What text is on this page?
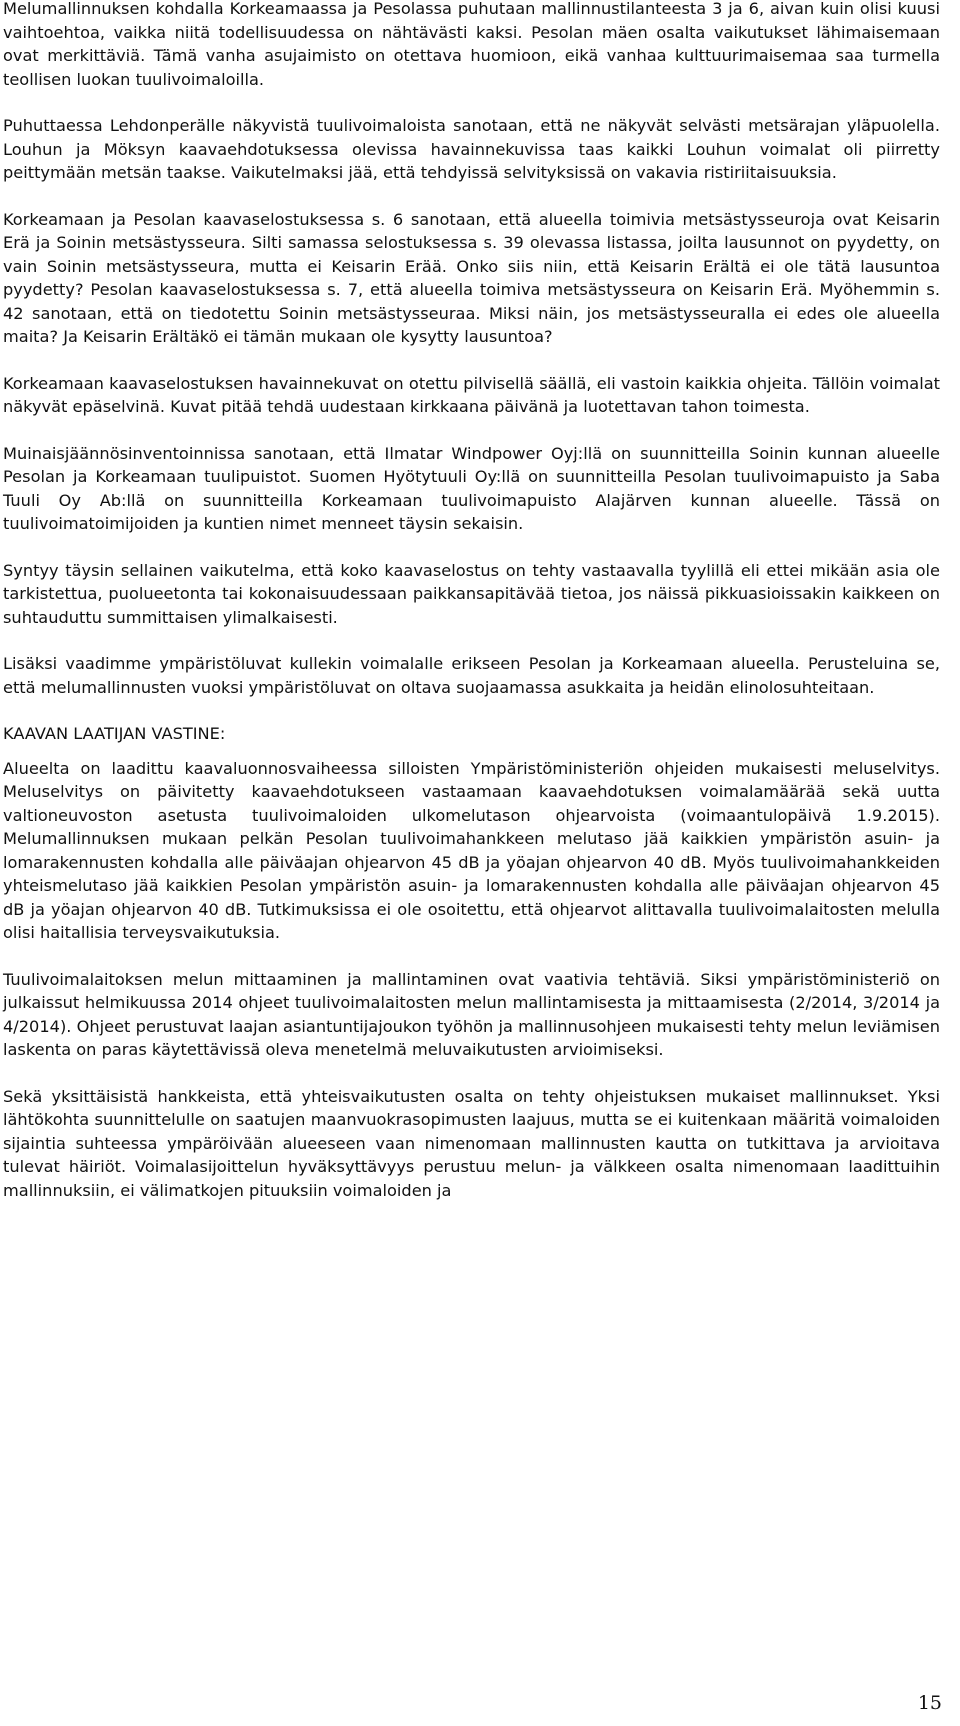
Melumallinnuksen kohdalla Korkeamaassa ja Pesolassa puhutaan mallinnustilanteesta 3 ja 6, aivan kuin olisi kuusi vaihtoehtoa, vaikka niitä todellisuudessa on nähtävästi kaksi. Pesolan mäen osalta vaikutukset lähimaisemaan ovat merkittäviä. Tämä vanha asujaimisto on otettava huomioon, eikä vanhaa kulttuurimaisemaa saa turmella teollisen luokan tuulivoimaloilla.

Puhuttaessa Lehdonperälle näkyvistä tuulivoimaloista sanotaan, että ne näkyvät selvästi metsärajan yläpuolella. Louhun ja Möksyn kaavaehdotuksessa olevissa havainnekuvissa taas kaikki Louhun voimalat oli piirretty peittymään metsän taakse. Vaikutelmaksi jää, että tehdyissä selvityksissä on vakavia ristiriitaisuuksia.

Korkeamaan ja Pesolan kaavaselostuksessa s. 6 sanotaan, että alueella toimivia metsästysseuroja ovat Keisarin Erä ja Soinin metsästysseura. Silti samassa selostuksessa s. 39 olevassa listassa, joilta lausunnot on pyydetty, on vain Soinin metsästysseura, mutta ei Keisarin Erää. Onko siis niin, että Keisarin Erältä ei ole tätä lausuntoa pyydetty? Pesolan kaavaselostuksessa s. 7, että alueella toimiva metsästysseura on Keisarin Erä. Myöhemmin s. 42 sanotaan, että on tiedotettu Soinin metsästysseuraa. Miksi näin, jos metsästysseuralla ei edes ole alueella maita? Ja Keisarin Erältäkö ei tämän mukaan ole kysytty lausuntoa?

Korkeamaan kaavaselostuksen havainnekuvat on otettu pilvisellä säällä, eli vastoin kaikkia ohjeita. Tällöin voimalat näkyvät epäselvinä. Kuvat pitää tehdä uudestaan kirkkaana päivänä ja luotettavan tahon toimesta.

Muinaisjäännösinventoinnissa sanotaan, että Ilmatar Windpower Oyj:llä on suunnitteilla Soinin kunnan alueelle Pesolan ja Korkeamaan tuulipuistot. Suomen Hyötytuuli Oy:llä on suunnitteilla Pesolan tuulivoimapuisto ja Saba Tuuli Oy Ab:llä on suunnitteilla Korkeamaan tuulivoimapuisto Alajärven kunnan alueelle. Tässä on tuulivoimatoimijoiden ja kuntien nimet menneet täysin sekaisin.

Syntyy täysin sellainen vaikutelma, että koko kaavaselostus on tehty vastaavalla tyylillä eli ettei mikään asia ole tarkistettua, puolueetonta tai kokonaisuudessaan paikkansapitävää tietoa, jos näissä pikkuasioissakin kaikkeen on suhtauduttu summittaisen ylimalkaisesti.

Lisäksi vaadimme ympäristöluvat kullekin voimalalle erikseen Pesolan ja Korkeamaan alueella. Perusteluina se, että melumallinnusten vuoksi ympäristöluvat on oltava suojaamassa asukkaita ja heidän elinolosuhteitaan.

KAAVAN LAATIJAN VASTINE:

Alueelta on laadittu kaavaluonnosvaiheessa silloisten Ympäristöministeriön ohjeiden mukaisesti meluselvitys. Meluselvitys on päivitetty kaavaehdotukseen vastaamaan kaavaehdotuksen voimalamäärää sekä uutta valtioneuvoston asetusta tuulivoimaloiden ulkomelutason ohjearvoista (voimaantulopäivä 1.9.2015). Melumallinnuksen mukaan pelkän Pesolan tuulivoimahankkeen melutaso jää kaikkien ympäristön asuin- ja lomarakennusten kohdalla alle päiväajan ohjearvon 45 dB ja yöajan ohjearvon 40 dB. Myös tuulivoimahankkeiden yhteismelutaso jää kaikkien Pesolan ympäristön asuin- ja lomarakennusten kohdalla alle päiväajan ohjearvon 45 dB ja yöajan ohjearvon 40 dB. Tutkimuksissa ei ole osoitettu, että ohjearvot alittavalla tuulivoimalaitosten melulla olisi haitallisia terveysvaikutuksia.

Tuulivoimalaitoksen melun mittaaminen ja mallintaminen ovat vaativia tehtäviä. Siksi ympäristöministeriö on julkaissut helmikuussa 2014 ohjeet tuulivoimalaitosten melun mallintamisesta ja mittaamisesta (2/2014, 3/2014 ja 4/2014). Ohjeet perustuvat laajan asiantuntijajoukon työhön ja mallinnusohjeen mukaisesti tehty melun leviämisen laskenta on paras käytettävissä oleva menetelmä meluvaikutusten arvioimiseksi.

Sekä yksittäisistä hankkeista, että yhteisvaikutusten osalta on tehty ohjeistuksen mukaiset mallinnukset. Yksi lähtökohta suunnittelulle on saatujen maanvuokrasopimusten laajuus, mutta se ei kuitenkaan määritä voimaloiden sijaintia suhteessa ympäröivään alueeseen vaan nimenomaan mallinnusten kautta on tutkittava ja arvioitava tulevat häiriöt. Voimalasijoittelun hyväksyttävyys perustuu melun- ja välkkeen osalta nimenomaan laadittuihin mallinnuksiin, ei välimatkojen pituuksiin voimaloiden ja

15
